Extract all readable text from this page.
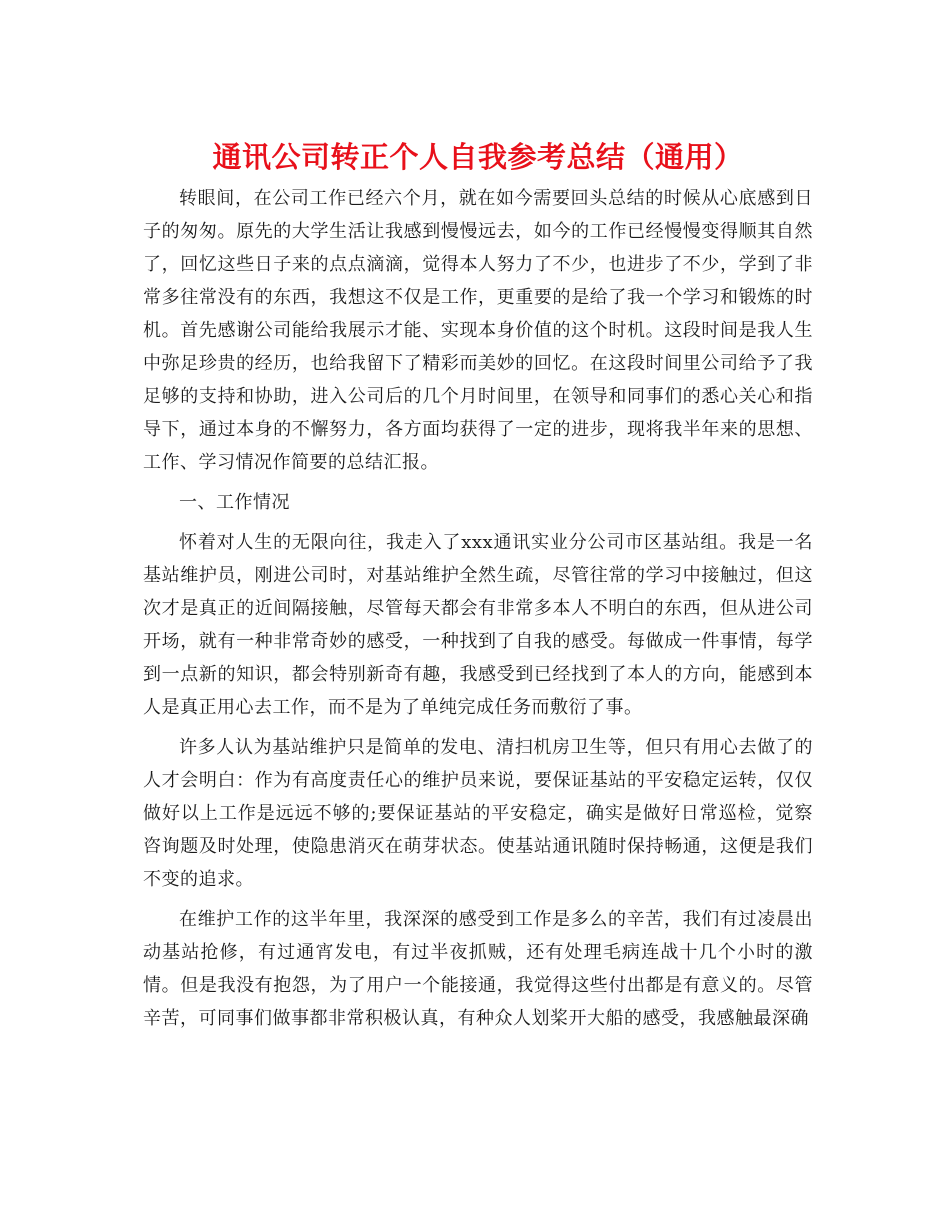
通讯公司转正个人自我参考总结（通用）

转眼间，在公司工作已经六个月，就在如今需要回头总结的时候从心底感到日子的匆匆。原先的大学生活让我感到慢慢远去，如今的工作已经慢慢变得顺其自然了，回忆这些日子来的点点滴滴，觉得本人努力了不少，也进步了不少，学到了非常多往常没有的东西，我想这不仅是工作，更重要的是给了我一个学习和锻炼的时机。首先感谢公司能给我展示才能、实现本身价值的这个时机。这段时间是我人生中弥足珍贵的经历，也给我留下了精彩而美妙的回忆。在这段时间里公司给予了我足够的支持和协助，进入公司后的几个月时间里，在领导和同事们的悉心关心和指导下，通过本身的不懈努力，各方面均获得了一定的进步，现将我半年来的思想、工作、学习情况作简要的总结汇报。

一、工作情况

怀着对人生的无限向往，我走入了xxx通讯实业分公司市区基站组。我是一名基站维护员，刚进公司时，对基站维护全然生疏，尽管往常的学习中接触过，但这次才是真正的近间隔接触，尽管每天都会有非常多本人不明白的东西，但从进公司开场，就有一种非常奇妙的感受，一种找到了自我的感受。每做成一件事情，每学到一点新的知识，都会特别新奇有趣，我感受到已经找到了本人的方向，能感到本人是真正用心去工作，而不是为了单纯完成任务而敷衍了事。

许多人认为基站维护只是简单的发电、清扫机房卫生等，但只有用心去做了的人才会明白：作为有高度责任心的维护员来说，要保证基站的平安稳定运转，仅仅做好以上工作是远远不够的;要保证基站的平安稳定，确实是做好日常巡检，觉察咨询题及时处理，使隐患消灭在萌芽状态。使基站通讯随时保持畅通，这便是我们不变的追求。

在维护工作的这半年里，我深深的感受到工作是多么的辛苦，我们有过凌晨出动基站抢修，有过通宵发电，有过半夜抓贼，还有处理毛病连战十几个小时的激情。但是我没有抱怨，为了用户一个能接通，我觉得这些付出都是有意义的。尽管辛苦，可同事们做事都非常积极认真，有种众人划桨开大船的感受，我感触最深确
